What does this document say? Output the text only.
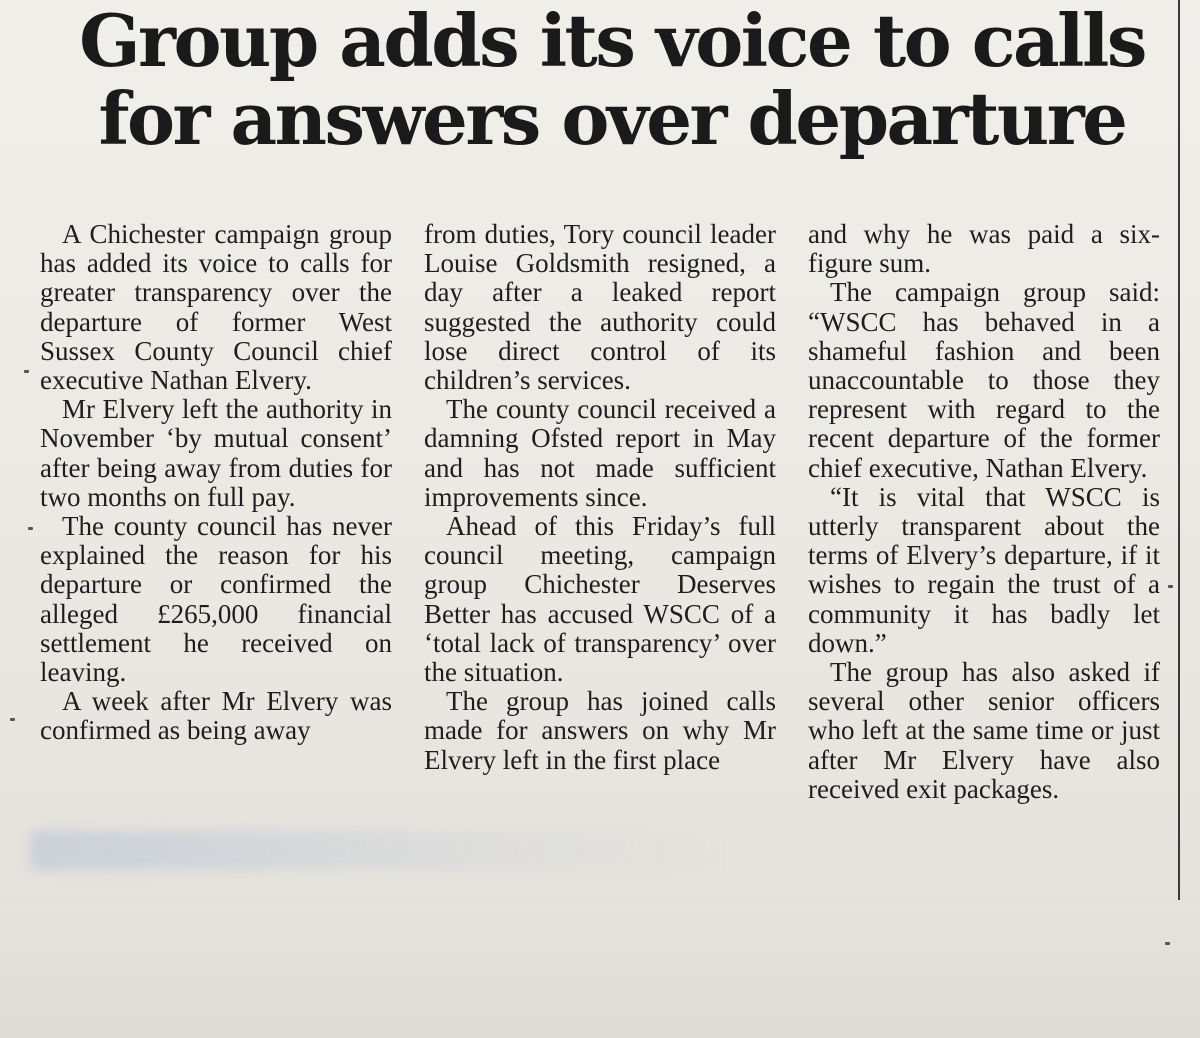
Group adds its voice to calls
for answers over departure

A Chichester campaign group has added its voice to calls for greater transparency over the departure of former West Sussex County Council chief executive Nathan Elvery.

Mr Elvery left the authority in November ‘by mutual consent’ after being away from duties for two months on full pay.

The county council has never explained the reason for his departure or confirmed the alleged £265,000 financial settlement he received on leaving.

A week after Mr Elvery was confirmed as being away

from duties, Tory council leader Louise Goldsmith resigned, a day after a leaked report suggested the authority could lose direct control of its children’s services.

The county council received a damning Ofsted report in May and has not made sufficient improvements since.

Ahead of this Friday’s full council meeting, campaign group Chichester Deserves Better has accused WSCC of a ‘total lack of transparency’ over the situation.

The group has joined calls made for answers on why Mr Elvery left in the first place

and why he was paid a six-figure sum.

The campaign group said: “WSCC has behaved in a shameful fashion and been unaccountable to those they represent with regard to the recent departure of the former chief executive, Nathan Elvery.

“It is vital that WSCC is utterly transparent about the terms of Elvery’s departure, if it wishes to regain the trust of a community it has badly let down.”

The group has also asked if several other senior officers who left at the same time or just after Mr Elvery have also received exit packages.
